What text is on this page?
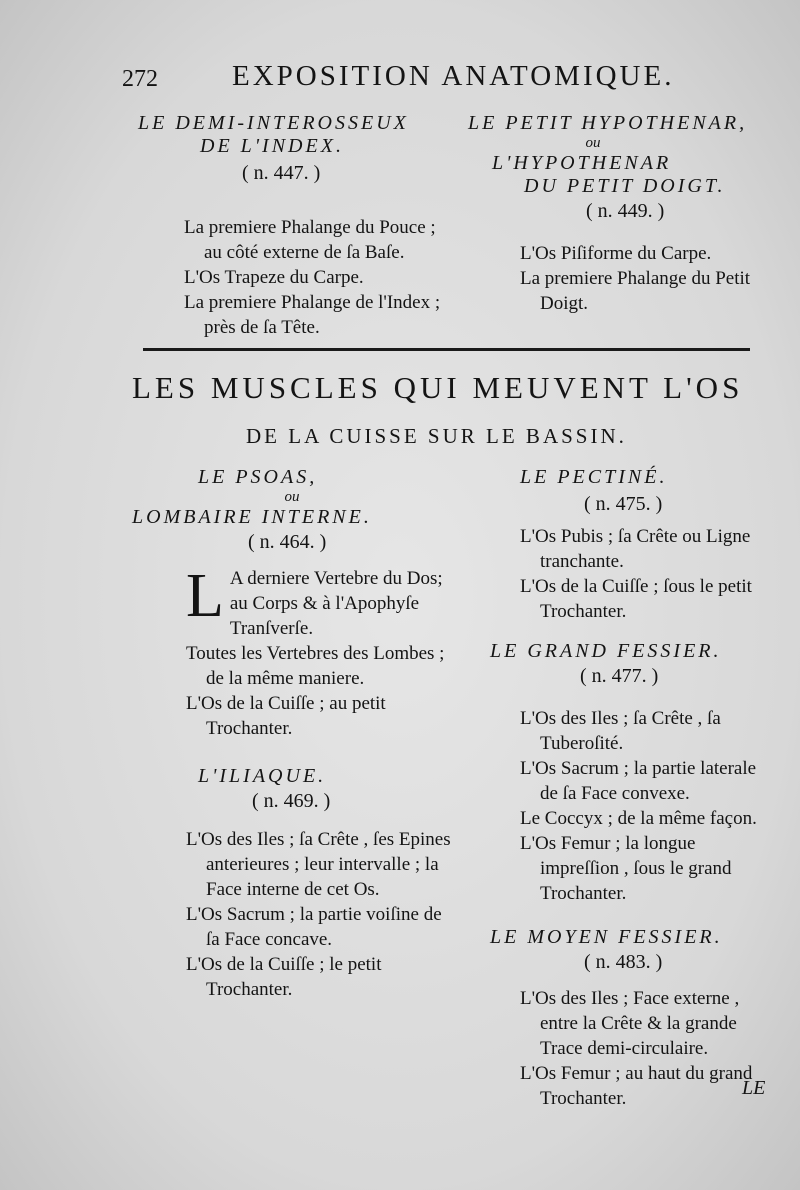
272	EXPOSITION ANATOMIQUE.
LE DEMI-INTEROSSEUX
DE L'INDEX.
( n. 447. )

La premiere Phalange du Pouce ; au côté externe de ſa Baſe.

L'Os Trapeze du Carpe.

La premiere Phalange de l'Index ; près de ſa Tête.

LE PETIT HYPOTHENAR,
ou
L'HYPOTHENAR
DU PETIT DOIGT.
( n. 449. )

L'Os Piſiforme du Carpe.

La premiere Phalange du Petit Doigt.

LES MUSCLES QUI MEUVENT L'OS
DE LA CUISSE SUR LE BASSIN.
LE PSOAS,
ou
LOMBAIRE INTERNE.
( n. 464. )
L A derniere Vertebre du Dos; au Corps & à l'Apophyſe Tranſverſe.

Toutes les Vertebres des Lombes ; de la même maniere.

L'Os de la Cuiſſe ; au petit Trochanter.

L'ILIAQUE.
( n. 469. )

L'Os des Iles ; ſa Crête , ſes Epines anterieures ; leur intervalle ; la Face interne de cet Os.

L'Os Sacrum ; la partie voiſine de ſa Face concave.

L'Os de la Cuiſſe ; le petit Trochanter.

LE PECTINÉ.
( n. 475. )

L'Os Pubis ; ſa Crête ou Ligne tranchante.

L'Os de la Cuiſſe ; ſous le petit Trochanter.

LE GRAND FESSIER.
( n. 477. )

L'Os des Iles ; ſa Crête , ſa Tuberoſité.

L'Os Sacrum ; la partie laterale de ſa Face convexe.

Le Coccyx ; de la même façon.

L'Os Femur ; la longue impreſſion , ſous le grand Trochanter.

LE MOYEN FESSIER.
( n. 483. )

L'Os des Iles ; Face externe , entre la Crête & la grande Trace demi-circulaire.

L'Os Femur ; au haut du grand Trochanter.	LE
